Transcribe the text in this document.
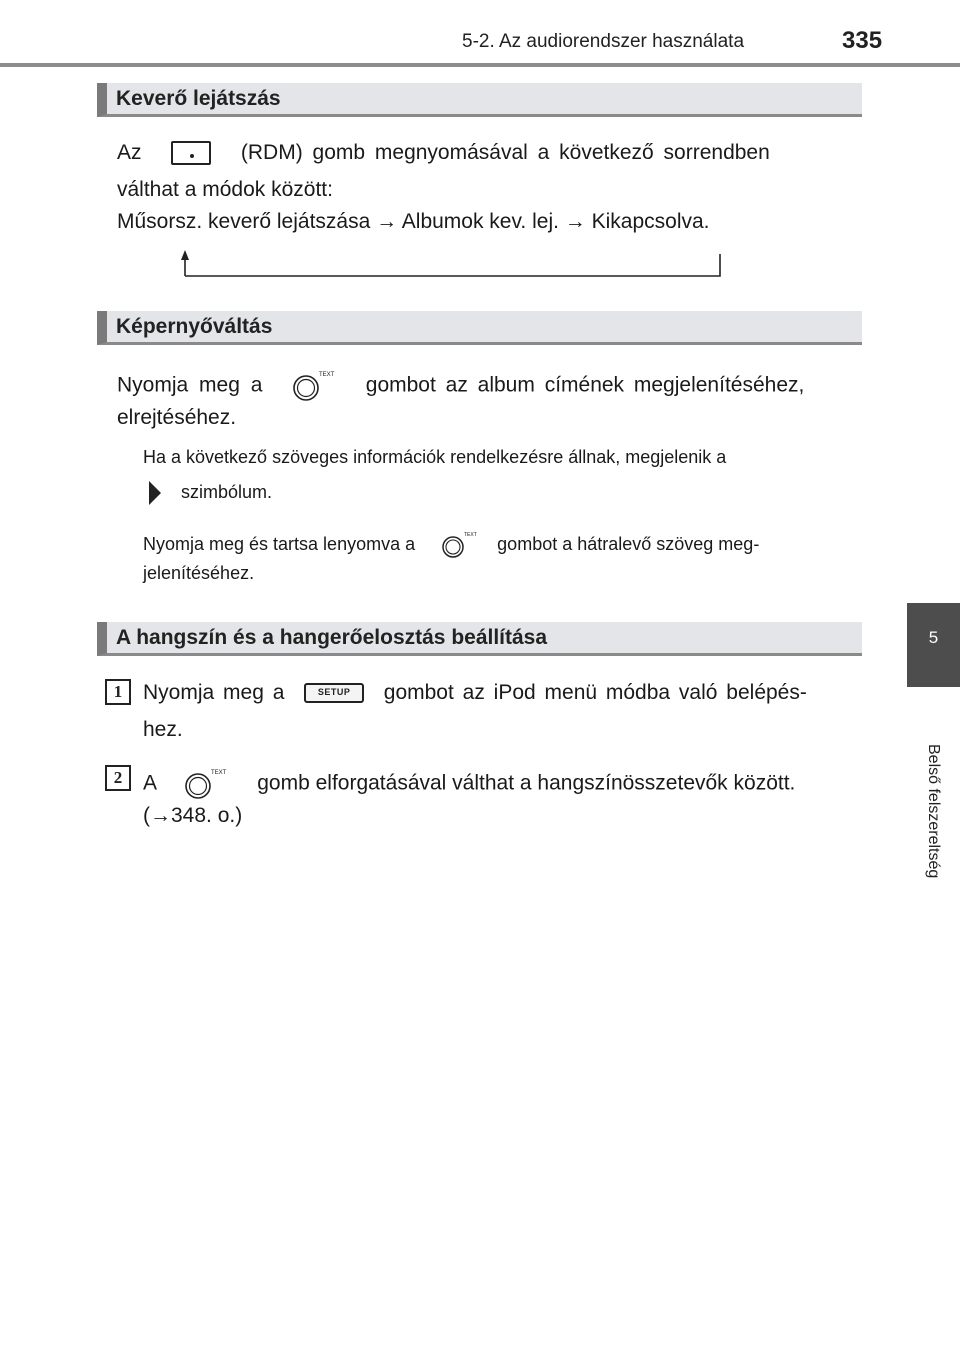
5-2. Az audiorendszer használata	335
5
Belső felszereltség
Keverő lejátszás
Az	(RDM) gomb megnyomásával a következő sorrendben
válthat a módok között:
Műsorsz. keverő lejátszása → Albumok kev. lej. → Kikapcsolva.
Képernyőváltás
Nyomja meg a	TEXT gombot az album címének megjelenítéséhez,
elrejtéséhez.
Ha a következő szöveges információk rendelkezésre állnak, megjelenik a
szimbólum.
Nyomja meg és tartsa lenyomva a	TEXT gombot a hátralevő szöveg meg-
jelenítéséhez.
A hangszín és a hangerőelosztás beállítása
1 Nyomja meg a	SETUP	gombot az iPod menü módba való belépés-
hez.
2 A	TEXT gomb elforgatásával válthat a hangszínösszetevők között.
(→348. o.)
